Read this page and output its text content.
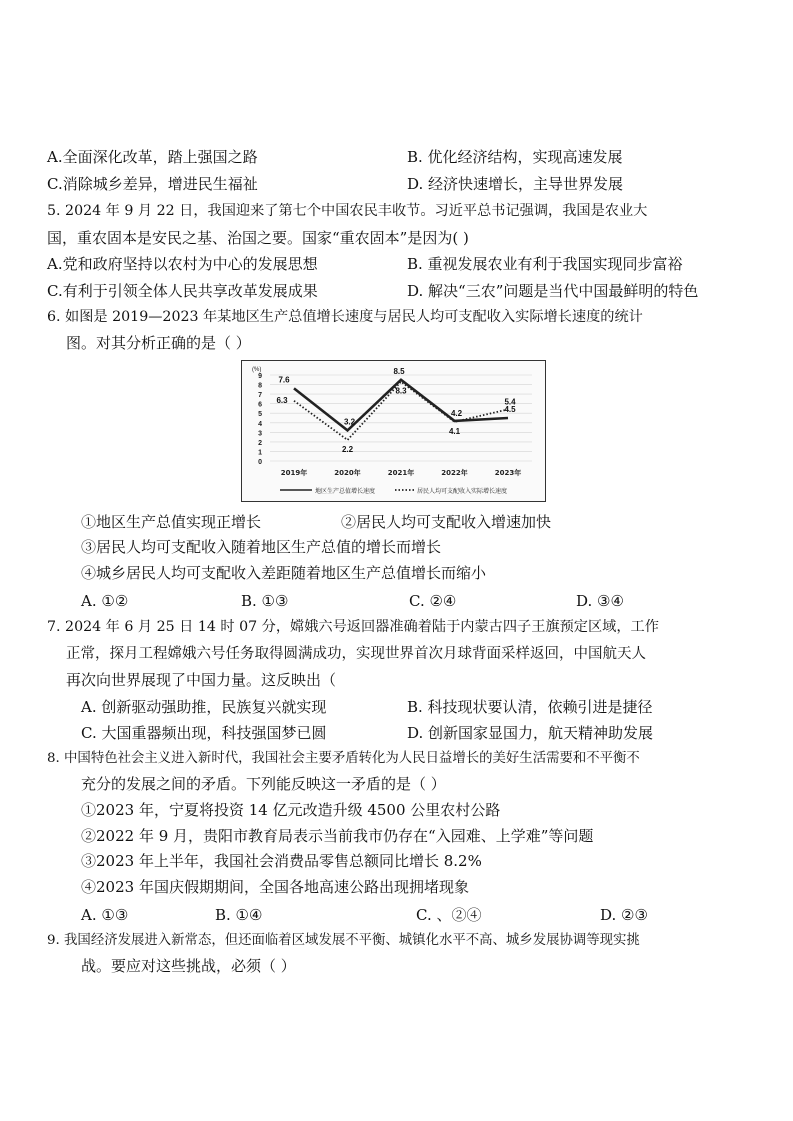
A.全面深化改革，踏上强国之路	B. 优化经济结构，实现高速发展
C.消除城乡差异，增进民生福祉	D. 经济快速增长，主导世界发展
5. 2024 年 9 月 22 日，我国迎来了第七个中国农民丰收节。习近平总书记强调，我国是农业大
国，重农固本是安民之基、治国之要。国家“重农固本”是因为( )
A.党和政府坚持以农村为中心的发展思想	B. 重视发展农业有利于我国实现同步富裕
C.有利于引领全体人民共享改革发展成果	D. 解决“三农”问题是当代中国最鲜明的特色
6. 如图是 2019—2023 年某地区生产总值增长速度与居民人均可支配收入实际增长速度的统计
图。对其分析正确的是（ ）
(%)
0
1
2
3
4
5
6
7
8
9
2019年	2020年	2021年	2022年	2023年
7.6
3.2
8.5
4.2	4.5
6.3
2.2
8.3
4.1
5.4
地区生产总值增长速度	居民人均可支配收入实际增长速度
①地区生产总值实现正增长	②居民人均可支配收入增速加快
③居民人均可支配收入随着地区生产总值的增长而增长
④城乡居民人均可支配收入差距随着地区生产总值增长而缩小
A. ①②	B. ①③	C. ②④	D. ③④
7. 2024 年 6 月 25 日 14 时 07 分，嫦娥六号返回器准确着陆于内蒙古四子王旗预定区域，工作
正常，探月工程嫦娥六号任务取得圆满成功，实现世界首次月球背面采样返回，中国航天人
再次向世界展现了中国力量。这反映出（
A. 创新驱动强助推，民族复兴就实现	B. 科技现状要认清，依赖引进是捷径
C. 大国重器频出现，科技强国梦已圆	D. 创新国家显国力，航天精神助发展
8. 中国特色社会主义进入新时代，我国社会主要矛盾转化为人民日益增长的美好生活需要和不平衡不
充分的发展之间的矛盾。下列能反映这一矛盾的是（ ）
①2023 年，宁夏将投资 14 亿元改造升级 4500 公里农村公路
②2022 年 9 月，贵阳市教育局表示当前我市仍存在“入园难、上学难”等问题
③2023 年上半年，我国社会消费品零售总额同比增长 8.2%
④2023 年国庆假期期间，全国各地高速公路出现拥堵现象
A. ①③	B. ①④	C. 、②④	D. ②③
9. 我国经济发展进入新常态，但还面临着区域发展不平衡、城镇化水平不高、城乡发展协调等现实挑
战。要应对这些挑战，必须（ ）
